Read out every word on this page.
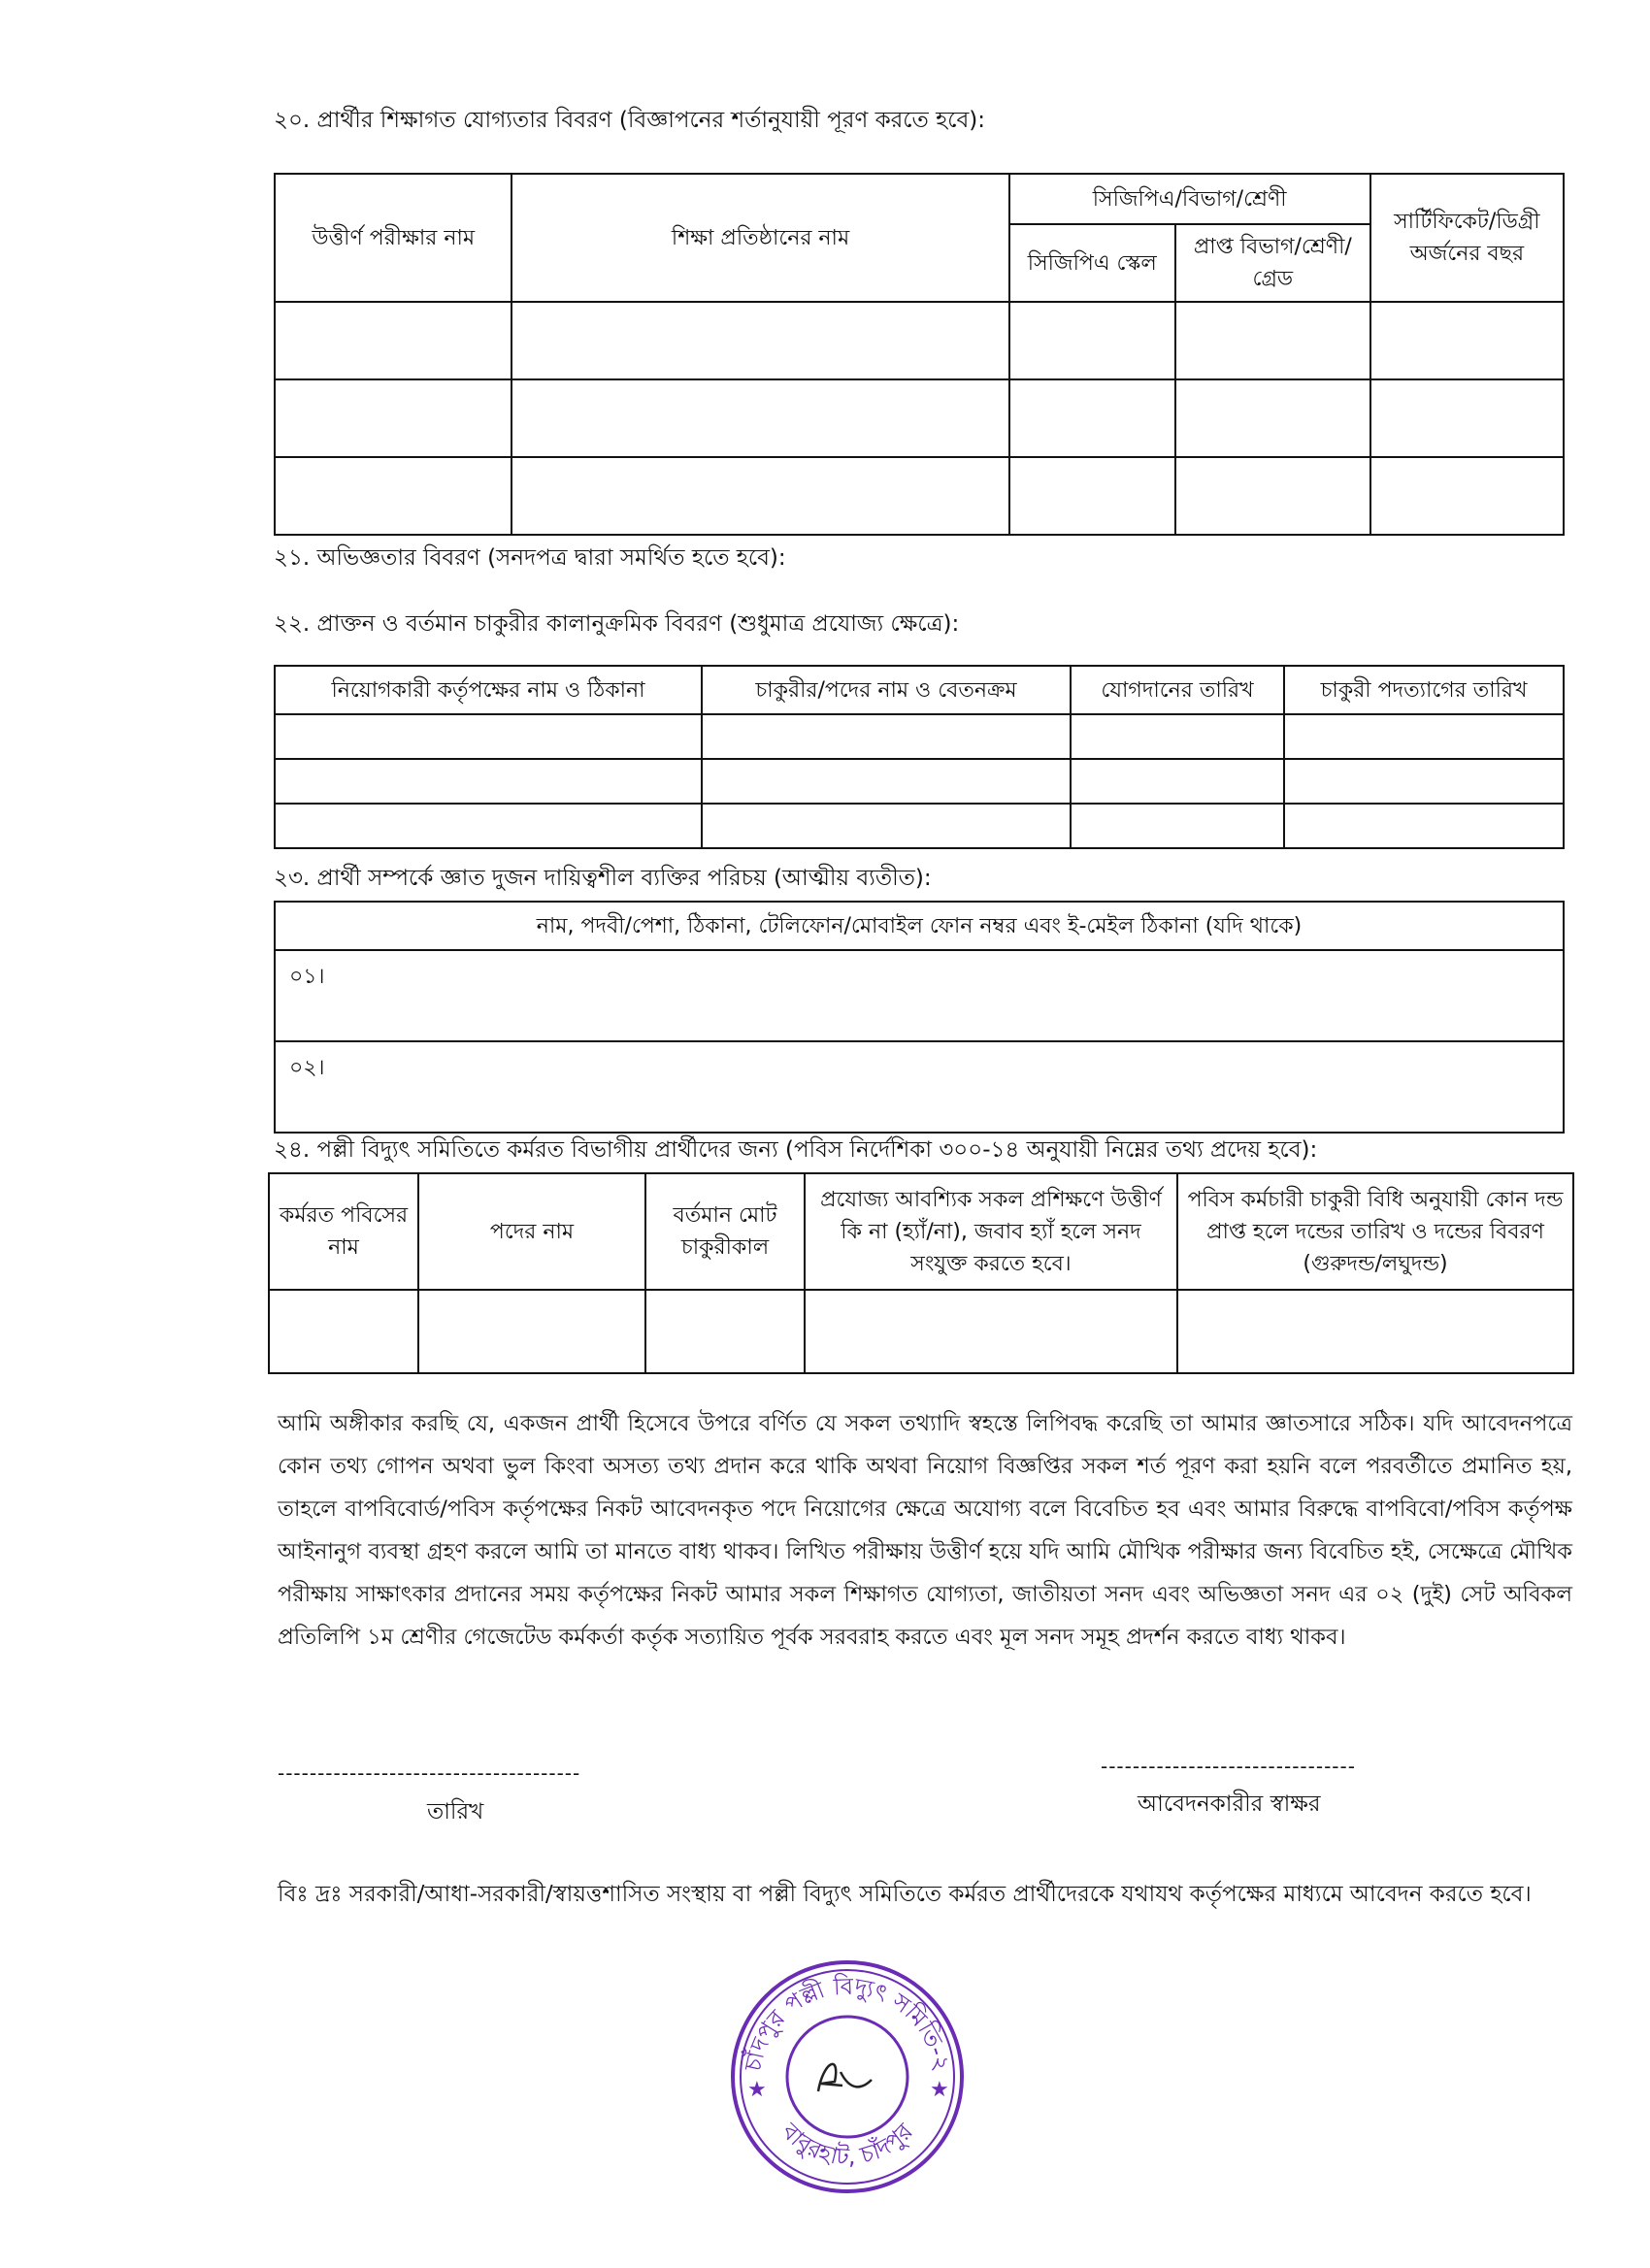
২০. প্রার্থীর শিক্ষাগত যোগ্যতার বিবরণ (বিজ্ঞাপনের শর্তানুযায়ী পূরণ করতে হবে):
উত্তীর্ণ পরীক্ষার নাম	শিক্ষা প্রতিষ্ঠানের নাম	সিজিপিএ/বিভাগ/শ্রেণী		সার্টিফিকেট/ডিগ্রী অর্জনের বছর
		সিজিপিএ স্কেল	প্রাপ্ত বিভাগ/শ্রেণী/গ্রেড	

২১. অভিজ্ঞতার বিবরণ (সনদপত্র দ্বারা সমর্থিত হতে হবে):
২২. প্রাক্তন ও বর্তমান চাকুরীর কালানুক্রমিক বিবরণ (শুধুমাত্র প্রযোজ্য ক্ষেত্রে):
নিয়োগকারী কর্তৃপক্ষের নাম ও ঠিকানা	চাকুরীর/পদের নাম ও বেতনক্রম	যোগদানের তারিখ	চাকুরী পদত্যাগের তারিখ

২৩. প্রার্থী সম্পর্কে জ্ঞাত দুজন দায়িত্বশীল ব্যক্তির পরিচয় (আত্মীয় ব্যতীত):
নাম, পদবী/পেশা, ঠিকানা, টেলিফোন/মোবাইল ফোন নম্বর এবং ই-মেইল ঠিকানা (যদি থাকে)
০১।
০২।
২৪. পল্লী বিদ্যুৎ সমিতিতে কর্মরত বিভাগীয় প্রার্থীদের জন্য (পবিস নির্দেশিকা ৩০০-১৪ অনুযায়ী নিম্নের তথ্য প্রদেয় হবে):
কর্মরত পবিসের নাম	পদের নাম	বর্তমান মোট চাকুরীকাল	প্রযোজ্য আবশ্যিক সকল প্রশিক্ষণে উত্তীর্ণ কি না (হ্যাঁ/না), জবাব হ্যাঁ হলে সনদ সংযুক্ত করতে হবে।	পবিস কর্মচারী চাকুরী বিধি অনুযায়ী কোন দন্ড প্রাপ্ত হলে দন্ডের তারিখ ও দন্ডের বিবরণ (গুরুদন্ড/লঘুদন্ড)

আমি অঙ্গীকার করছি যে, একজন প্রার্থী হিসেবে উপরে বর্ণিত যে সকল তথ্যাদি স্বহস্তে লিপিবদ্ধ করেছি তা আমার জ্ঞাতসারে সঠিক। যদি আবেদনপত্রে কোন তথ্য গোপন অথবা ভুল কিংবা অসত্য তথ্য প্রদান করে থাকি অথবা নিয়োগ বিজ্ঞপ্তির সকল শর্ত পূরণ করা হয়নি বলে পরবর্তীতে প্রমানিত হয়, তাহলে বাপবিবোর্ড/পবিস কর্তৃপক্ষের নিকট আবেদনকৃত পদে নিয়োগের ক্ষেত্রে অযোগ্য বলে বিবেচিত হব এবং আমার বিরুদ্ধে বাপবিবো/পবিস কর্তৃপক্ষ আইনানুগ ব্যবস্থা গ্রহণ করলে আমি তা মানতে বাধ্য থাকব। লিখিত পরীক্ষায় উত্তীর্ণ হয়ে যদি আমি মৌখিক পরীক্ষার জন্য বিবেচিত হই, সেক্ষেত্রে মৌখিক পরীক্ষায় সাক্ষাৎকার প্রদানের সময় কর্তৃপক্ষের নিকট আমার সকল শিক্ষাগত যোগ্যতা, জাতীয়তা সনদ এবং অভিজ্ঞতা সনদ এর ০২ (দুই) সেট অবিকল প্রতিলিপি ১ম শ্রেণীর গেজেটেড কর্মকর্তা কর্তৃক সত্যায়িত পূর্বক সরবরাহ করতে এবং মূল সনদ সমূহ প্রদর্শন করতে বাধ্য থাকব।
--------------------------------------
তারিখ
--------------------------------
আবেদনকারীর স্বাক্ষর
বিঃ দ্রঃ সরকারী/আধা-সরকারী/স্বায়ত্তশাসিত সংস্থায় বা পল্লী বিদ্যুৎ সমিতিতে কর্মরত প্রার্থীদেরকে যথাযথ কর্তৃপক্ষের মাধ্যমে আবেদন করতে হবে।
চাঁদপুর পল্লী বিদ্যুৎ সমিতি-২
বাবুরহাট, চাঁদপুর
★	★
